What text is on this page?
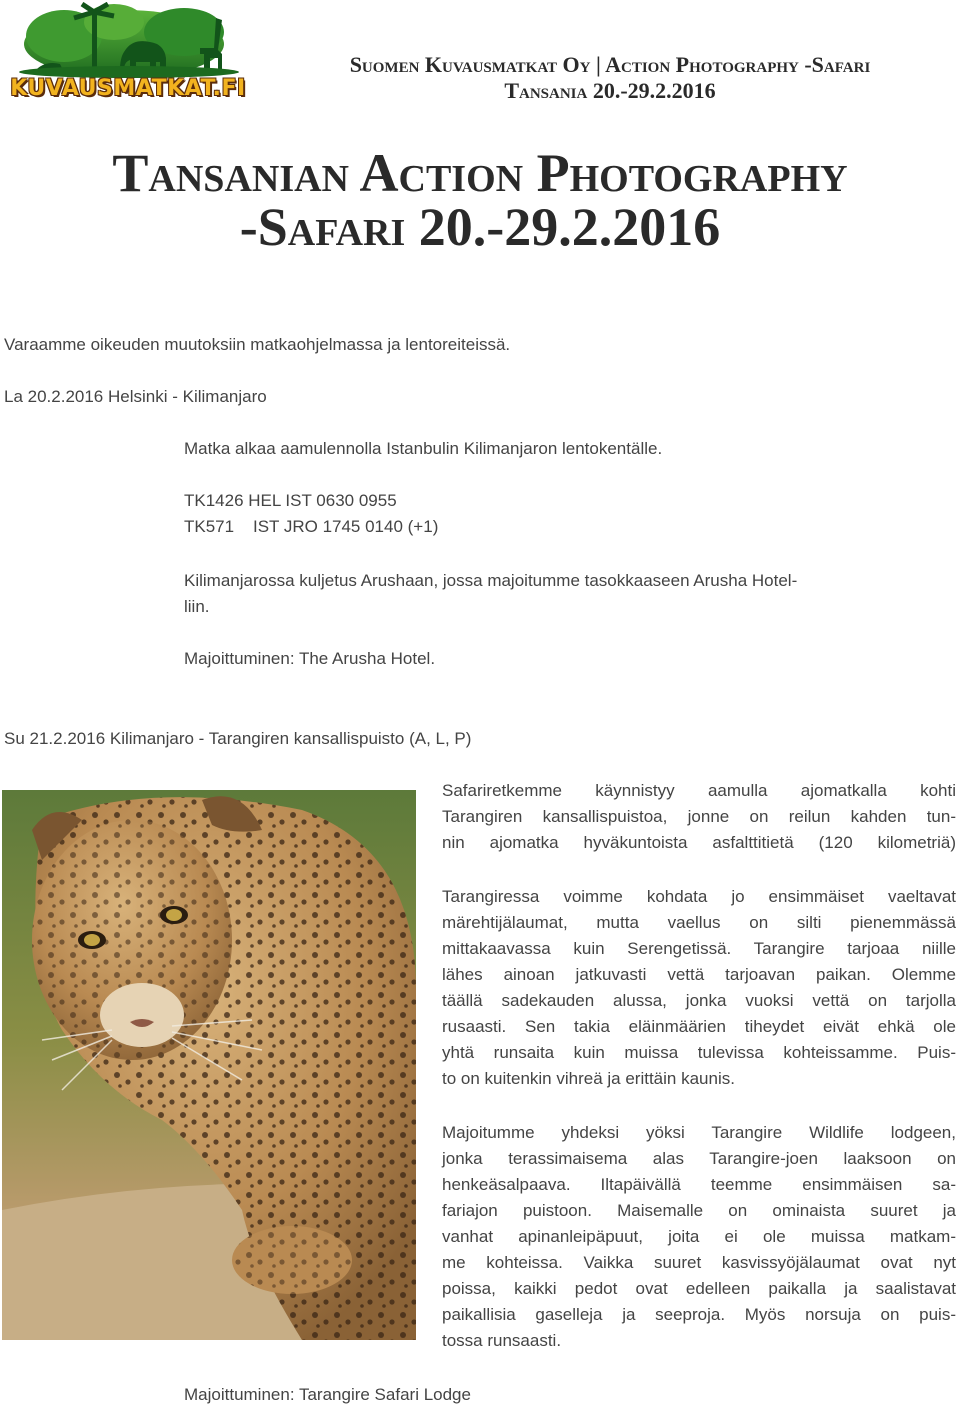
KUVAUSMATKAT.FI
Suomen Kuvausmatkat Oy | Action Photography -Safari
Tansania 20.-29.2.2016
Tansanian Action Photography
-Safari 20.-29.2.2016
Varaamme oikeuden muutoksiin matkaohjelmassa ja lentoreiteissä.
La 20.2.2016 Helsinki - Kilimanjaro
Matka alkaa aamulennolla Istanbulin Kilimanjaron lentokentälle.
TK1426 HEL IST 0630 0955
TK571    IST JRO 1745 0140 (+1)
Kilimanjarossa kuljetus Arushaan, jossa majoitumme tasokkaaseen Arusha Hotel-
liin.
Majoittuminen: The Arusha Hotel.
Su 21.2.2016 Kilimanjaro - Tarangiren kansallispuisto (A, L, P)
Safariretkemme käynnistyy aamulla ajomatkalla kohti
Tarangiren kansallispuistoa, jonne on reilun kahden tun-
nin ajomatka hyväkuntoista asfalttitietä (120 kilometriä)
Tarangiressa voimme kohdata jo ensimmäiset vaeltavat
märehtijälaumat, mutta vaellus on silti pienemmässä
mittakaavassa kuin Serengetissä. Tarangire tarjoaa niille
lähes ainoan jatkuvasti vettä tarjoavan paikan. Olemme
täällä sadekauden alussa, jonka vuoksi vettä on tarjolla
rusaasti. Sen takia eläinmäärien tiheydet eivät ehkä ole
yhtä runsaita kuin muissa tulevissa kohteissamme. Puis-
to on kuitenkin vihreä ja erittäin kaunis.
Majoitumme yhdeksi yöksi Tarangire Wildlife lodgeen,
jonka terassimaisema alas Tarangire-joen laaksoon on
henkeäsalpaava. Iltapäivällä teemme ensimmäisen sa-
fariajon puistoon. Maisemalle on ominaista suuret ja
vanhat apinanleipäpuut, joita ei ole muissa matkam-
me kohteissa. Vaikka suuret kasvissyöjälaumat ovat nyt
poissa, kaikki pedot ovat edelleen paikalla ja saalistavat
paikallisia gaselleja ja seeproja. Myös norsuja on puis-
tossa runsaasti.
Majoittuminen: Tarangire Safari Lodge
